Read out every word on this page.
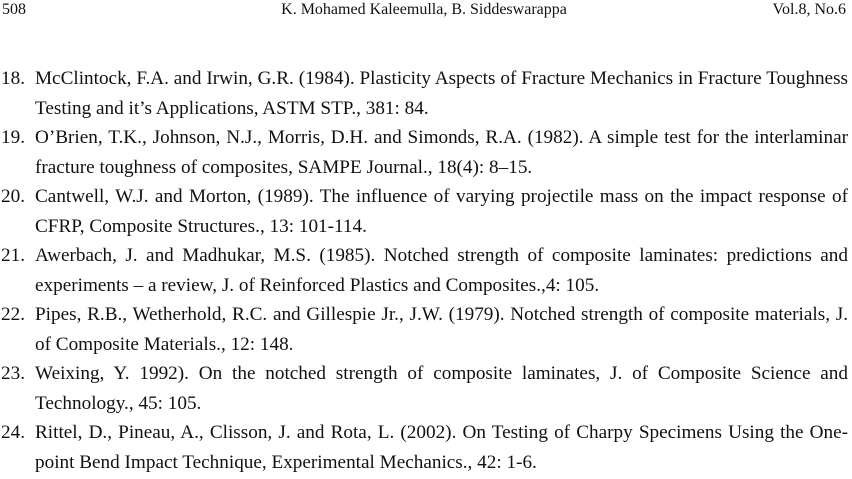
508	K. Mohamed Kaleemulla, B. Siddeswarappa	Vol.8, No.6
18. McClintock, F.A. and Irwin, G.R. (1984). Plasticity Aspects of Fracture Mechanics in Fracture Toughness Testing and it’s Applications, ASTM STP., 381: 84.
19. O’Brien, T.K., Johnson, N.J., Morris, D.H. and Simonds, R.A. (1982). A simple test for the interlaminar fracture toughness of composites, SAMPE Journal., 18(4): 8–15.
20. Cantwell, W.J. and Morton, (1989). The influence of varying projectile mass on the impact response of CFRP, Composite Structures., 13: 101-114.
21. Awerbach, J. and Madhukar, M.S. (1985). Notched strength of composite laminates: predictions and experiments – a review, J. of Reinforced Plastics and Composites.,4: 105.
22. Pipes, R.B., Wetherhold, R.C. and Gillespie Jr., J.W. (1979). Notched strength of composite materials, J. of Composite Materials., 12: 148.
23. Weixing, Y. 1992). On the notched strength of composite laminates, J. of Composite Science and Technology., 45: 105.
24. Rittel, D., Pineau, A., Clisson, J. and Rota, L. (2002). On Testing of Charpy Specimens Using the One-point Bend Impact Technique, Experimental Mechanics., 42: 1-6.
